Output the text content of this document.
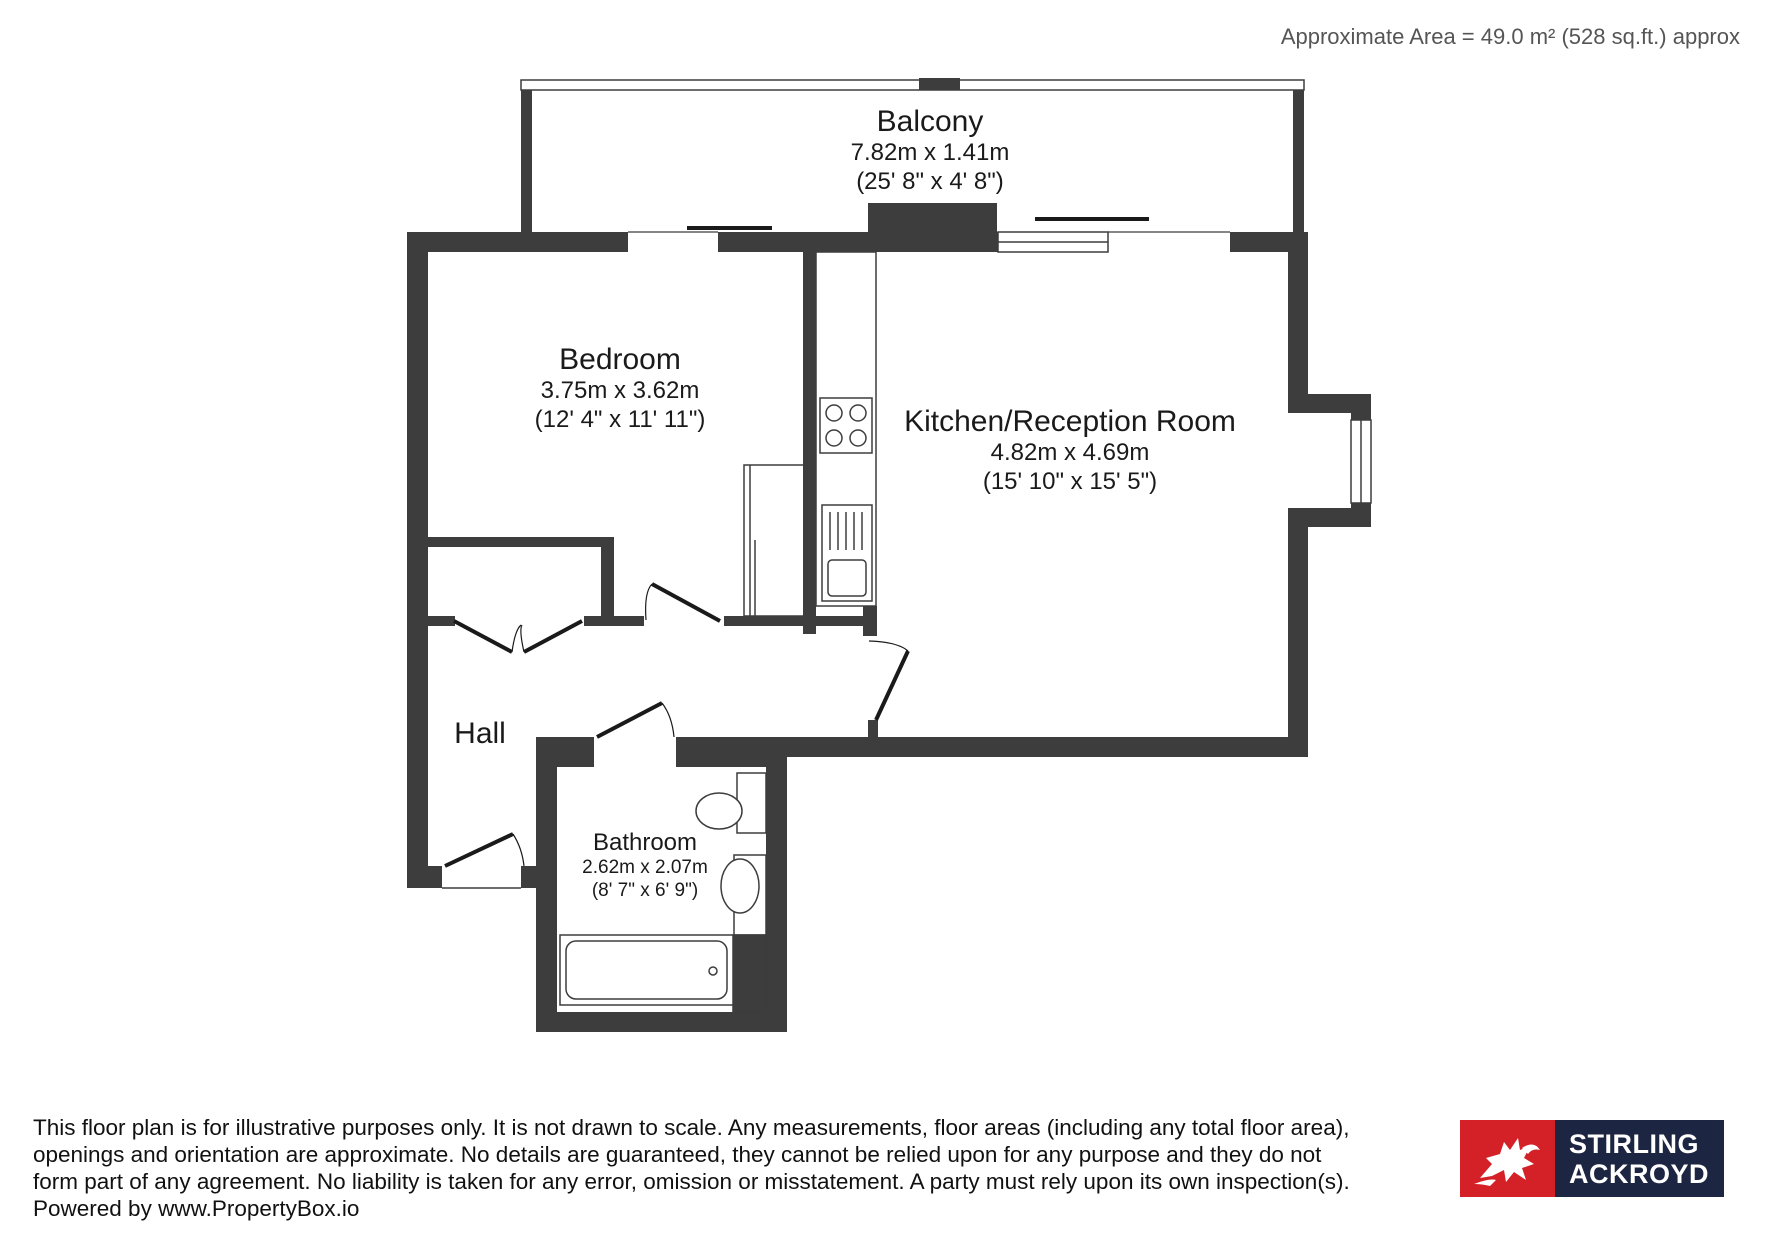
Approximate Area = 49.0 m² (528 sq.ft.) approx
Balcony
7.82m x 1.41m
(25' 8" x 4' 8")
Bedroom
3.75m x 3.62m
(12' 4" x 11' 11")	Kitchen/Reception Room
4.82m x 4.69m
(15' 10" x 15' 5")
Hall
Bathroom
2.62m x 2.07m
(8' 7" x 6' 9")
This floor plan is for illustrative purposes only. It is not drawn to scale. Any measurements, floor areas (including any total floor area),
openings and orientation are approximate. No details are guaranteed, they cannot be relied upon for any purpose and they do not
form part of any agreement. No liability is taken for any error, omission or misstatement. A party must rely upon its own inspection(s).
Powered by www.PropertyBox.io
STIRLING
ACKROYD
